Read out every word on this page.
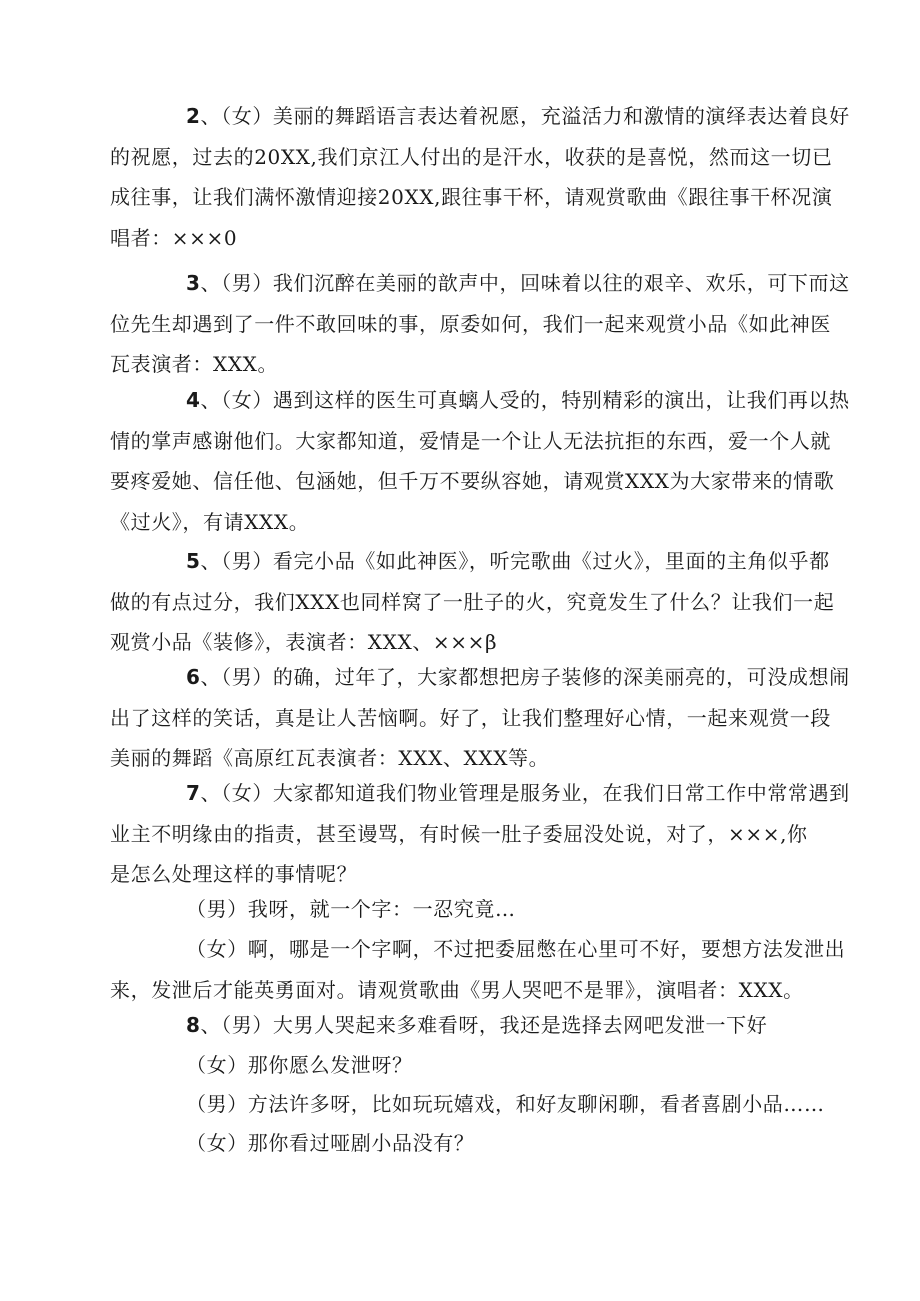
2、（女）美丽的舞蹈语言表达着祝愿，充溢活力和激情的演绎表达着良好
的祝愿，过去的20XX,我们京江人付出的是汗水，收获的是喜悦，然而这一切已
成往事，让我们满怀激情迎接20XX,跟往事干杯，请观赏歌曲《跟往事干杯况演
唱者：×××0
3、（男）我们沉醉在美丽的歆声中，回味着以往的艰辛、欢乐，可下而这
位先生却遇到了一件不敢回味的事，原委如何，我们一起来观赏小品《如此神医
瓦表演者：XXX。
4、（女）遇到这样的医生可真螭人受的，特别精彩的演出，让我们再以热
情的掌声感谢他们。大家都知道，爱情是一个让人无法抗拒的东西，爱一个人就
要疼爱她、信任他、包涵她，但千万不要纵容她，请观赏XXX为大家带来的情歌
《过火》，有请XXX。
5、（男）看完小品《如此神医》，听完歌曲《过火》，里面的主角似乎都
做的有点过分，我们XXX也同样窝了一肚子的火，究竟发生了什么？让我们一起
观赏小品《装修》，表演者：XXX、×××β
6、（男）的确，过年了，大家都想把房子装修的深美丽亮的，可没成想闹
出了这样的笑话，真是让人苦恼啊。好了，让我们整理好心情，一起来观赏一段
美丽的舞蹈《高原红瓦表演者：XXX、XXX等。
7、（女）大家都知道我们物业管理是服务业，在我们日常工作中常常遇到
业主不明缘由的指责，甚至谩骂，有时候一肚子委屈没处说，对了，×××,你
是怎么处理这样的事情呢？
（男）我呀，就一个字：一忍究竟…
（女）啊，哪是一个字啊，不过把委屈憋在心里可不好，要想方法发泄出
来，发泄后才能英勇面对。请观赏歌曲《男人哭吧不是罪》，演唱者：XXX。
8、（男）大男人哭起来多难看呀，我还是选择去网吧发泄一下好
（女）那你愿么发泄呀？
（男）方法许多呀，比如玩玩嬉戏，和好友聊闲聊，看者喜剧小品……
（女）那你看过哑剧小品没有？
